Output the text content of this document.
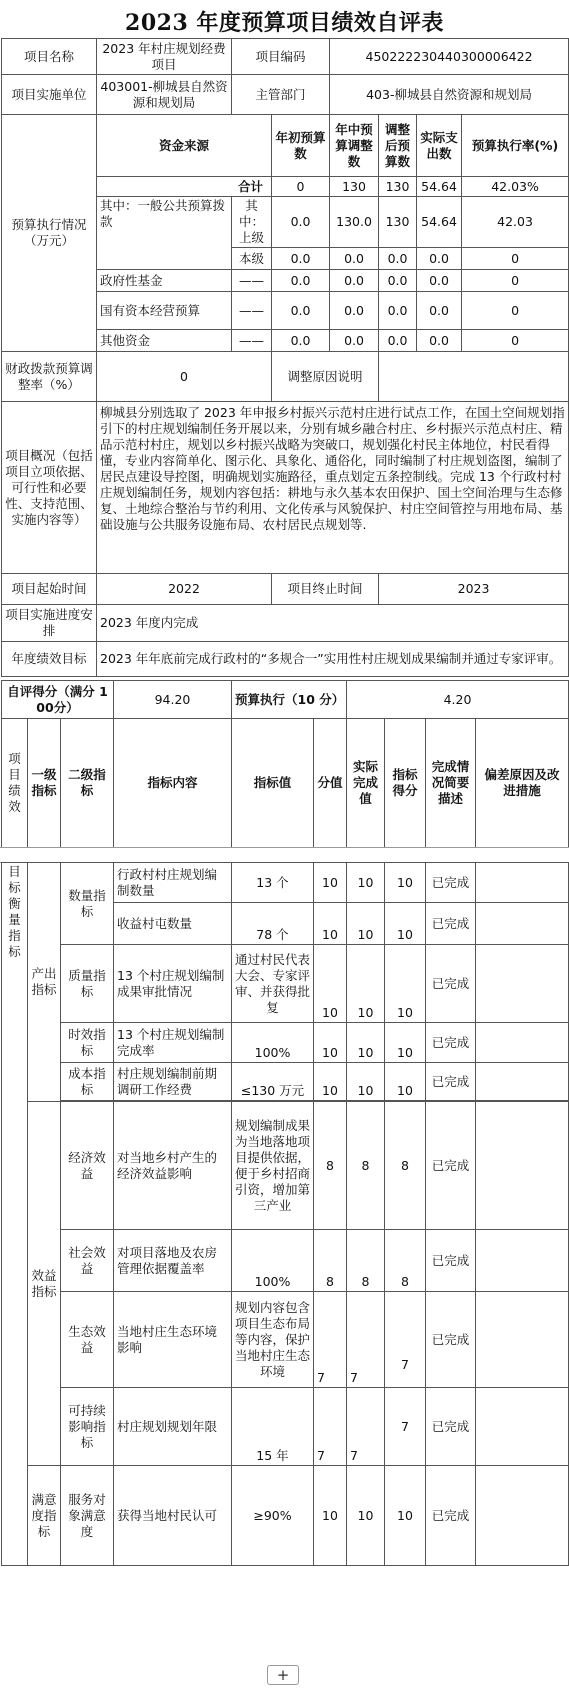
2023 年度预算项目绩效自评表
项目名称	2023 年村庄规划经费项目	项目编码		450222230440300006422			
项目实施单位	403001-柳城县自然资源和规划局	主管部门		403-柳城县自然资源和规划局			
预算执行情况（万元）	资金来源		年初预算数	年中预算调整数	调整后预算数	实际支出数	预算执行率(%)
	合计		0	130	130	54.64	42.03%
	其中：一般公共预算拨款	其中：上级	0.0	130.0	130	54.64	42.03
		本级	0.0	0.0	0.0	0.0	0
	政府性基金	——	0.0	0.0	0.0	0.0	0
	国有资本经营预算	——	0.0	0.0	0.0	0.0	0
	其他资金	——	0.0	0.0	0.0	0.0	0
财政拨款预算调整率（%）	0		调整原因说明				
项目概况（包括项目立项依据、可行性和必要性、支持范围、实施内容等）	柳城县分别选取了 2023 年申报乡村振兴示范村庄进行试点工作，在国土空间规划指引下的村庄规划编制任务开展以来，分别有城乡融合村庄、乡村振兴示范点村庄、精品示范村村庄，规划以乡村振兴战略为突破口，规划强化村民主体地位，村民看得懂，专业内容简单化、图示化、具象化、通俗化，同时编制了村庄规划盗图，编制了居民点建设导控图，明确规划实施路径，重点划定五条控制线。完成 13 个行政村村庄规划编制任务，规划内容包括：耕地与永久基本农田保护、国土空间治理与生态修复、土地综合整治与节约利用、文化传承与风貌保护、村庄空间管控与用地布局、基础设施与公共服务设施布局、农村居民点规划等.						
项目起始时间	2022		项目终止时间		2023		
项目实施进度安排	2023 年度内完成						
年度绩效目标	2023 年年底前完成行政村的“多规合一”实用性村庄规划成果编制并通过专家评审。						
自评得分（满分 100分）			94.20	预算执行（10 分）		4.20			
项目绩效	一级指标	二级指标	指标内容	指标值	分值	实际完成值	指标得分	完成情况简要描述	偏差原因及改进措施
目标衡量指标	产出指标	数量指标	行政村村庄规划编制数量	13 个	10	10	10	已完成	
			收益村屯数量	78 个	10	10	10	已完成	
		质量指标	13 个村庄规划编制成果审批情况	通过村民代表大会、专家评审、并获得批复	10	10	10	已完成	
		时效指标	13 个村庄规划编制完成率	100%	10	10	10	已完成	
		成本指标	村庄规划编制前期调研工作经费	≤130 万元	10	10	10	已完成	

	效益指标	经济效益	对当地乡村产生的经济效益影响	规划编制成果为当地落地项目提供依据，便于乡村招商引资，增加第三产业	8	8	8	已完成	
		社会效益	对项目落地及农房管理依据覆盖率	100%	8	8	8	已完成	
		生态效益	当地村庄生态环境影响	规划内容包含项目生态布局等内容，保护当地村庄生态环境	7	7	7	已完成	
		可持续影响指标	村庄规划规划年限	15 年	7	7	7	已完成	
	满意度指标	服务对象满意度	获得当地村民认可	≥90%	10	10	10	已完成	
+
